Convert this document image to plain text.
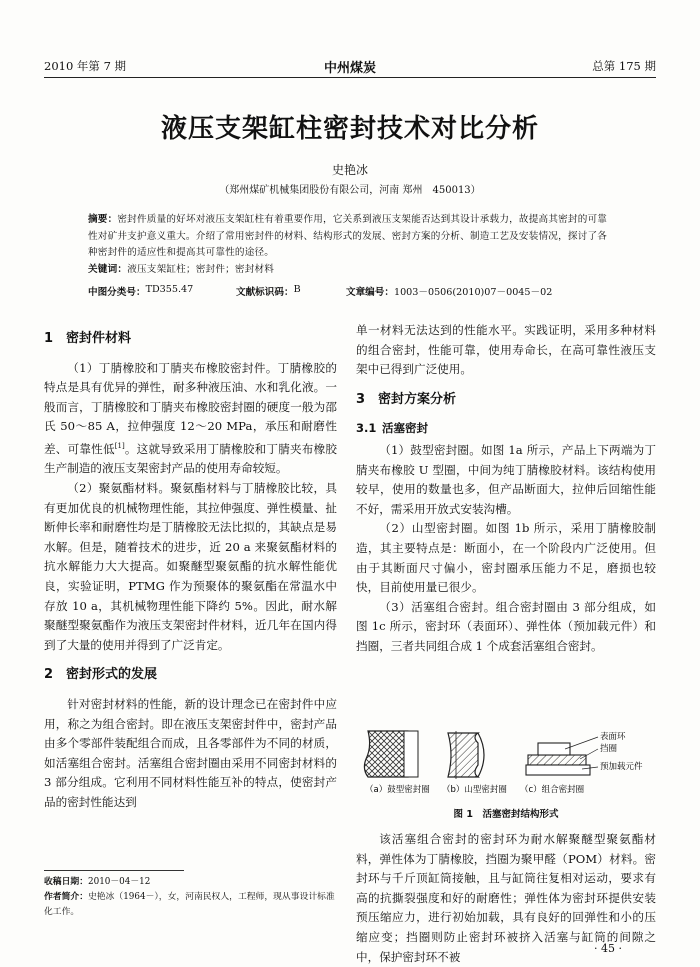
2010 年第 7 期	中州煤炭	总第 175 期
液压支架缸柱密封技术对比分析
史艳冰
（郑州煤矿机械集团股份有限公司，河南 郑州　450013）
摘要：密封件质量的好坏对液压支架缸柱有着重要作用，它关系到液压支架能否达到其设计承载力，故提高其密封的可靠性对矿井支护意义重大。介绍了常用密封件的材料、结构形式的发展、密封方案的分析、制造工艺及安装情况，探讨了各种密封件的适应性和提高其可靠性的途径。
关键词：液压支架缸柱；密封件；密封材料
中图分类号： TD355.47	文献标识码： B	文章编号： 1003－0506(2010)07－0045－02
1 密封件材料

（1）丁腈橡胶和丁腈夹布橡胶密封件。丁腈橡胶的特点是具有优异的弹性，耐多种液压油、水和乳化液。一般而言，丁腈橡胶和丁腈夹布橡胶密封圈的硬度一般为邵氏 50～85 A，拉伸强度 12～20 MPa，承压和耐磨性差、可靠性低[1]。这就导致采用丁腈橡胶和丁腈夹布橡胶生产制造的液压支架密封产品的使用寿命较短。

（2）聚氨酯材料。聚氨酯材料与丁腈橡胶比较，具有更加优良的机械物理性能，其拉伸强度、弹性模量、扯断伸长率和耐磨性均是丁腈橡胶无法比拟的，其缺点是易水解。但是，随着技术的进步，近 20 a 来聚氨酯材料的抗水解能力大大提高。如聚醚型聚氨酯的抗水解性能优良，实验证明，PTMG 作为预聚体的聚氨酯在常温水中存放 10 a，其机械物理性能下降约 5%。因此，耐水解聚醚型聚氨酯作为液压支架密封件材料，近几年在国内得到了大量的使用并得到了广泛肯定。

2 密封形式的发展

针对密封材料的性能，新的设计理念已在密封件中应用，称之为组合密封。即在液压支架密封件中，密封产品由多个零部件装配组合而成，且各零部件为不同的材质，如活塞组合密封。活塞组合密封圈由采用不同密封材料的 3 部分组成。它利用不同材料性能互补的特点，使密封产品的密封性能达到

单一材料无法达到的性能水平。实践证明，采用多种材料的组合密封，性能可靠，使用寿命长，在高可靠性液压支架中已得到广泛使用。

3 密封方案分析
3.1 活塞密封

（1）鼓型密封圈。如图 1a 所示，产品上下两端为丁腈夹布橡胶 U 型圈，中间为纯丁腈橡胶材料。该结构使用较早，使用的数量也多，但产品断面大，拉伸后回缩性能不好，需采用开放式安装沟槽。

（2）山型密封圈。如图 1b 所示，采用丁腈橡胶制造，其主要特点是：断面小，在一个阶段内广泛使用。但由于其断面尺寸偏小，密封圈承压能力不足，磨损也较快，目前使用量已很少。

（3）活塞组合密封。组合密封圈由 3 部分组成，如图 1c 所示，密封环（表面环）、弹性体（预加载元件）和挡圈，三者共同组合成 1 个成套活塞组合密封。

表面环
挡圈
预加载元件
（a）鼓型密封圈 （b）山型密封圈 （c）组合密封圈
图 1　活塞密封结构形式

该活塞组合密封的密封环为耐水解聚醚型聚氨酯材料，弹性体为丁腈橡胶，挡圈为聚甲醛（POM）材料。密封环与千斤顶缸筒接触，且与缸筒往复相对运动，要求有高的抗撕裂强度和好的耐磨性；弹性体为密封环提供安装预压缩应力，进行初始加载，具有良好的回弹性和小的压缩应变；挡圈则防止密封环被挤入活塞与缸筒的间隙之中，保护密封环不被

收稿日期：2010－04－12
作者简介：史艳冰（1964－），女，河南民权人，工程师，现从事设计标准化工作。
· 45 ·
